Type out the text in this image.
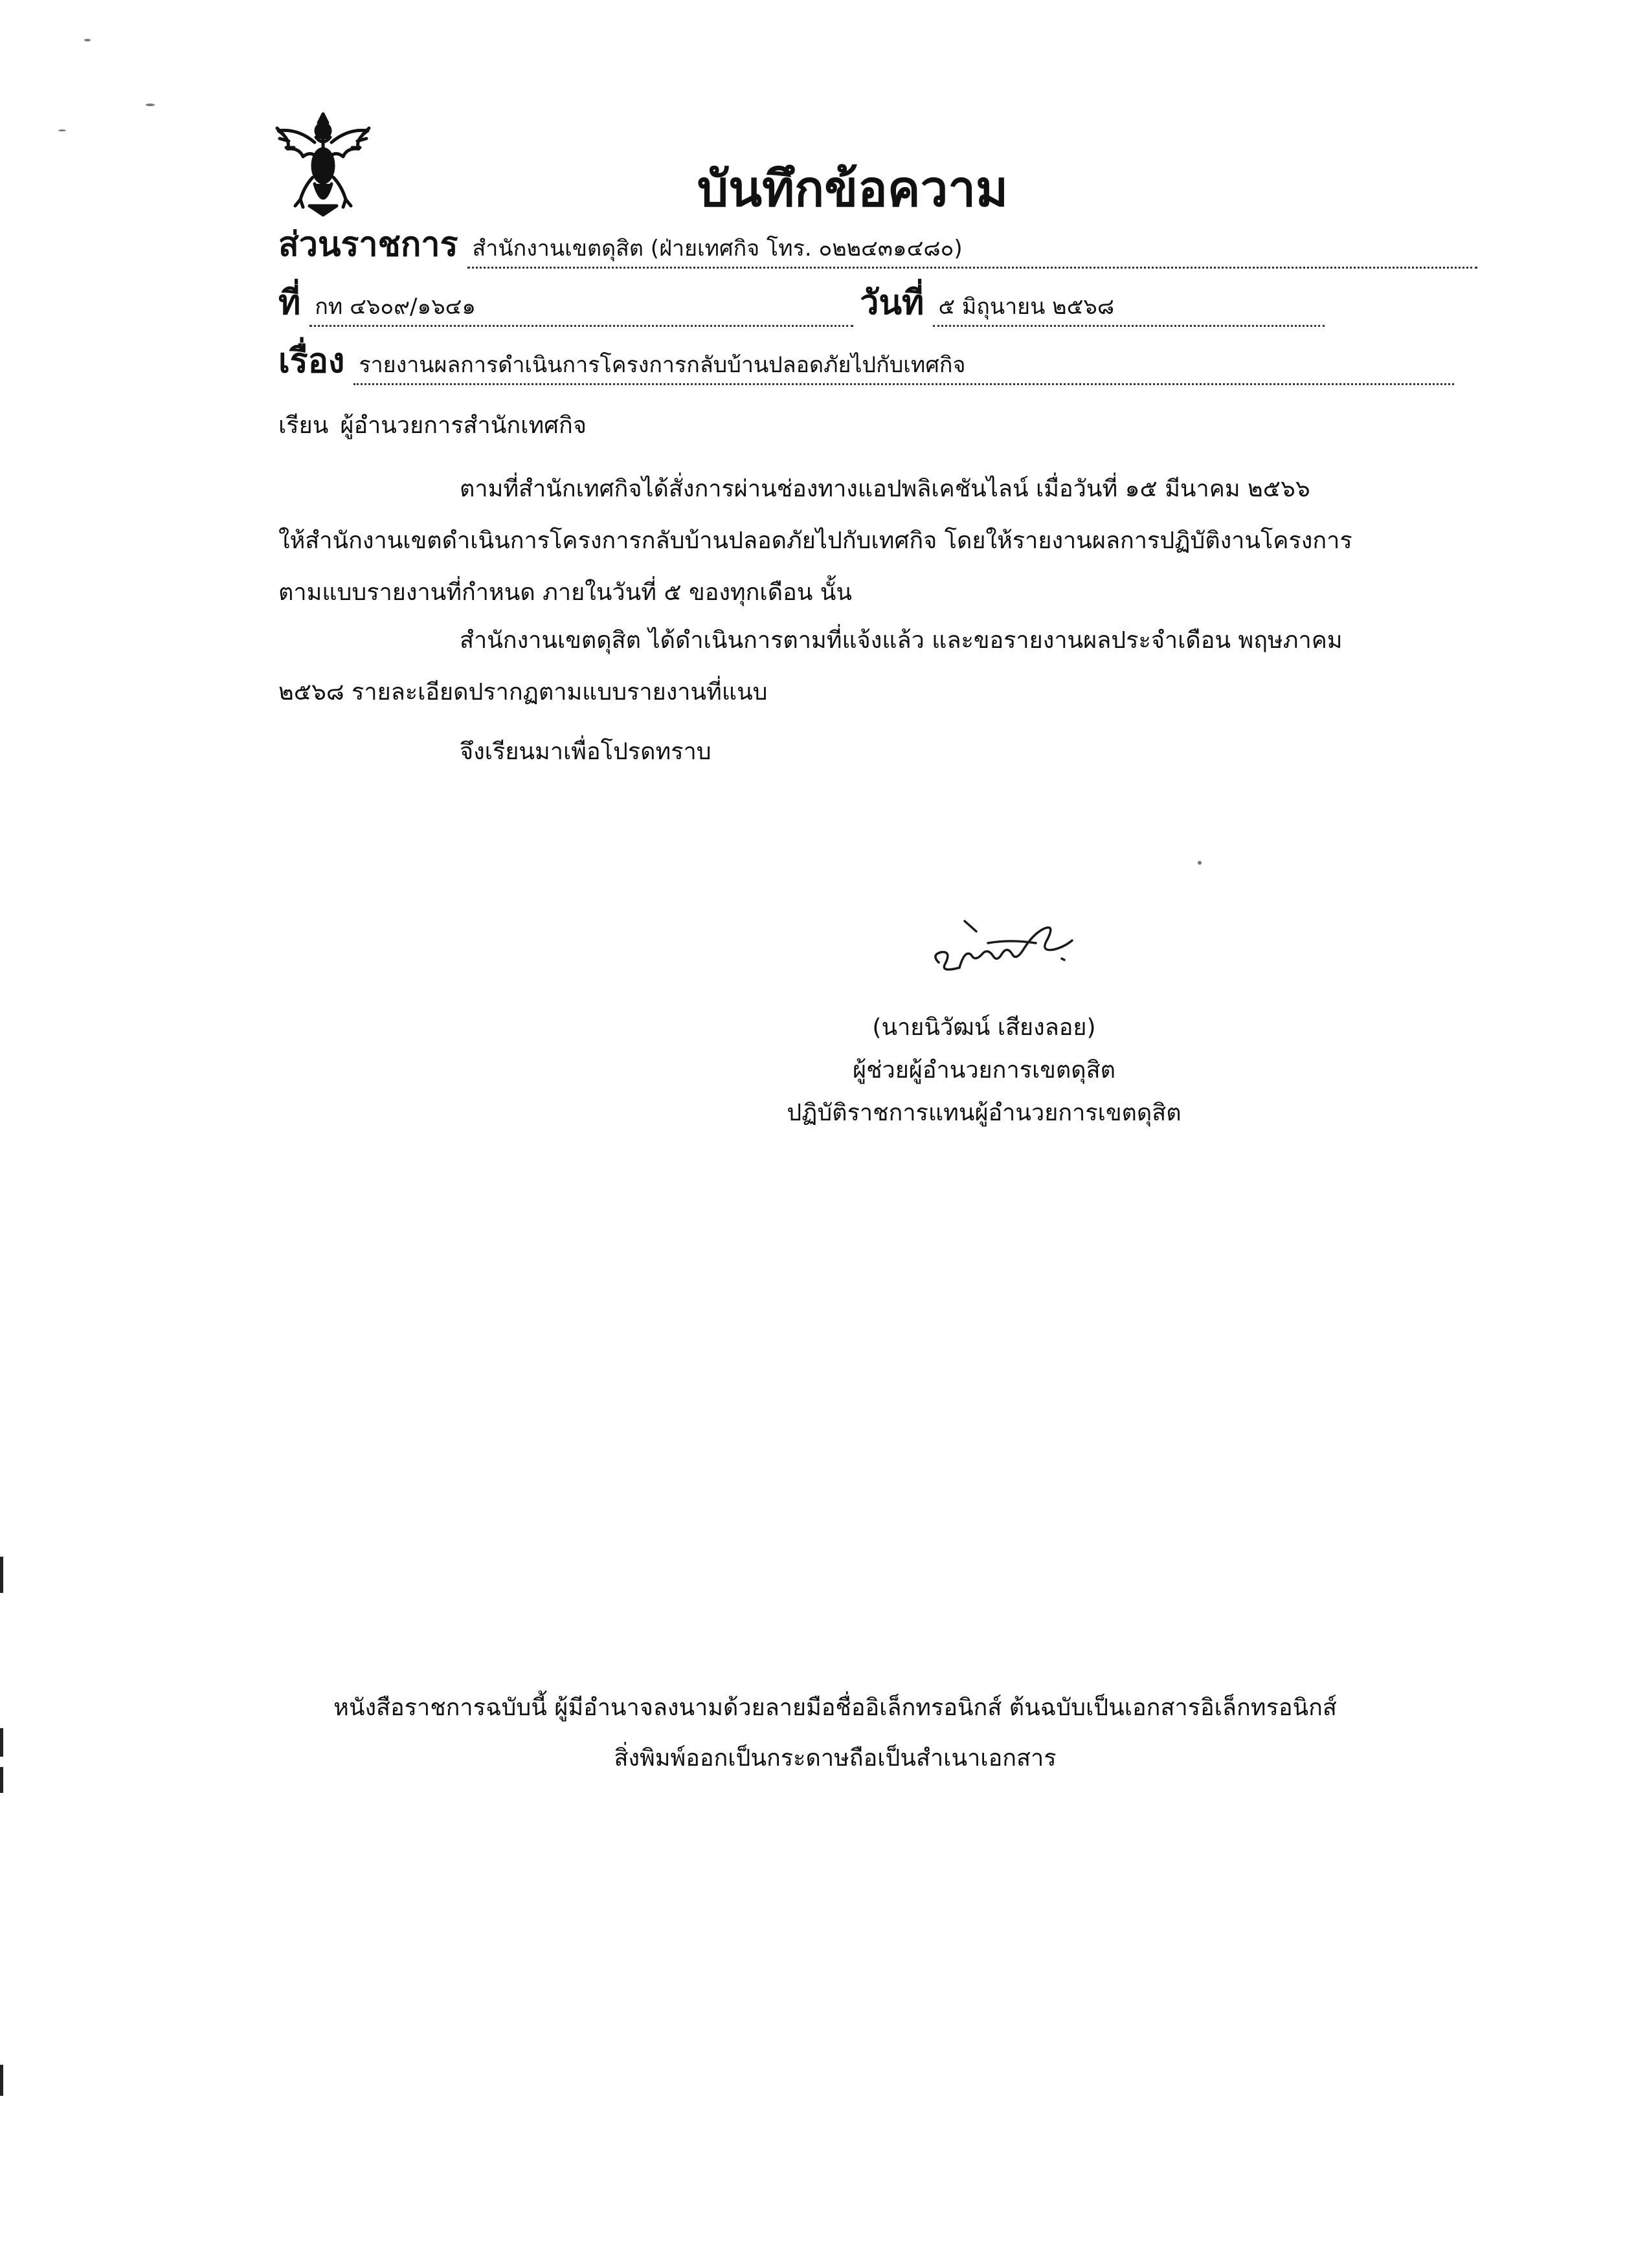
บันทึกข้อความ
ส่วนราชการ สำนักงานเขตดุสิต (ฝ่ายเทศกิจ โทร. ๐๒๒๔๓๑๔๘๐)
ที่ กท ๔๖๐๙/๑๖๔๑	วันที่ ๕ มิถุนายน ๒๕๖๘
เรื่อง รายงานผลการดำเนินการโครงการกลับบ้านปลอดภัยไปกับเทศกิจ
เรียน ผู้อำนวยการสำนักเทศกิจ
ตามที่สำนักเทศกิจได้สั่งการผ่านช่องทางแอปพลิเคชันไลน์ เมื่อวันที่ ๑๕ มีนาคม ๒๕๖๖
ให้สำนักงานเขตดำเนินการโครงการกลับบ้านปลอดภัยไปกับเทศกิจ โดยให้รายงานผลการปฏิบัติงานโครงการ
ตามแบบรายงานที่กำหนด ภายในวันที่ ๕ ของทุกเดือน นั้น
สำนักงานเขตดุสิต ได้ดำเนินการตามที่แจ้งแล้ว และขอรายงานผลประจำเดือน พฤษภาคม
๒๕๖๘ รายละเอียดปรากฏตามแบบรายงานที่แนบ
จึงเรียนมาเพื่อโปรดทราบ
(นายนิวัฒน์ เสียงลอย)
ผู้ช่วยผู้อำนวยการเขตดุสิต
ปฏิบัติราชการแทนผู้อำนวยการเขตดุสิต
หนังสือราชการฉบับนี้ ผู้มีอำนาจลงนามด้วยลายมือชื่ออิเล็กทรอนิกส์ ต้นฉบับเป็นเอกสารอิเล็กทรอนิกส์
สิ่งพิมพ์ออกเป็นกระดาษถือเป็นสำเนาเอกสาร
